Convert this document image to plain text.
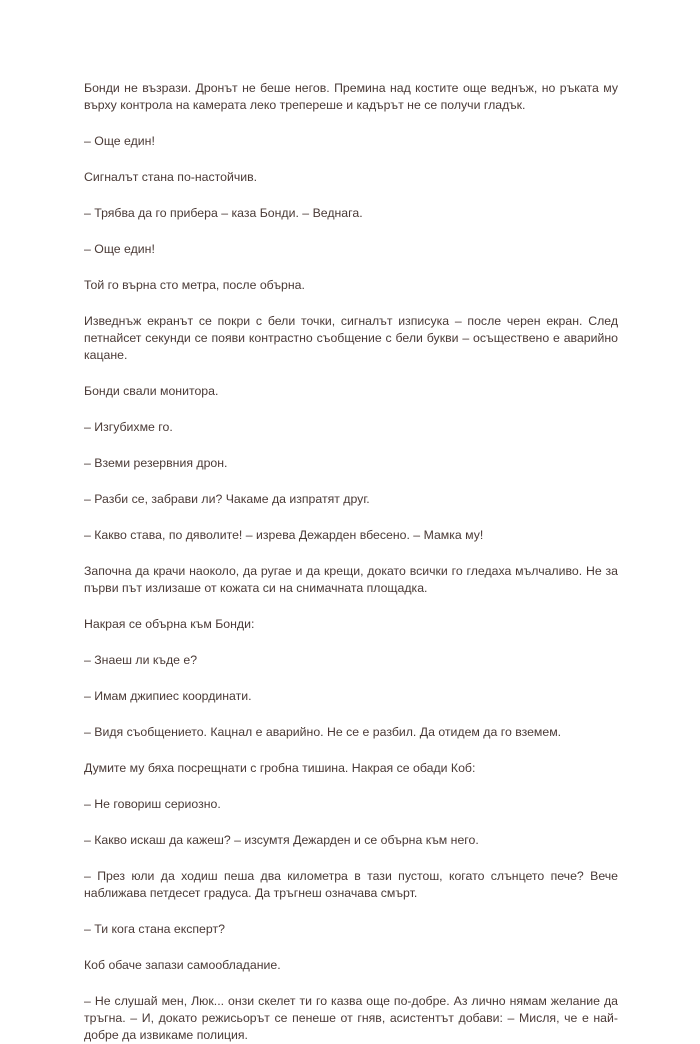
Бонди не възрази. Дронът не беше негов. Премина над костите още веднъж, но ръката му върху контрола на камерата леко трепереше и кадърът не се получи гладък.

– Още един!

Сигналът стана по-настойчив.

– Трябва да го прибера – каза Бонди. – Веднага.

– Още един!

Той го върна сто метра, после обърна.

Изведнъж екранът се покри с бели точки, сигналът изписука – после черен екран. След петнайсет секунди се появи контрастно съобщение с бели букви – осъществено е аварийно кацане.

Бонди свали монитора.

– Изгубихме го.

– Вземи резервния дрон.

– Разби се, забрави ли? Чакаме да изпратят друг.

– Какво става, по дяволите! – изрева Дежарден вбесено. – Мамка му!

Започна да крачи наоколо, да ругае и да крещи, докато всички го гледаха мълчаливо. Не за първи път излизаше от кожата си на снимачната площадка.

Накрая се обърна към Бонди:

– Знаеш ли къде е?

– Имам джипиес координати.

– Видя съобщението. Кацнал е аварийно. Не се е разбил. Да отидем да го вземем.

Думите му бяха посрещнати с гробна тишина. Накрая се обади Коб:

– Не говориш сериозно.

– Какво искаш да кажеш? – изсумтя Дежарден и се обърна към него.

– През юли да ходиш пеша два километра в тази пустош, когато слънцето пече? Вече наближава петдесет градуса. Да тръгнеш означава смърт.

– Ти кога стана експерт?

Коб обаче запази самообладание.

– Не слушай мен, Люк... онзи скелет ти го казва още по-добре. Аз лично нямам желание да тръгна. – И, докато режисьорът се пенеше от гняв, асистентът добави: – Мисля, че е най-добре да извикаме полиция.
